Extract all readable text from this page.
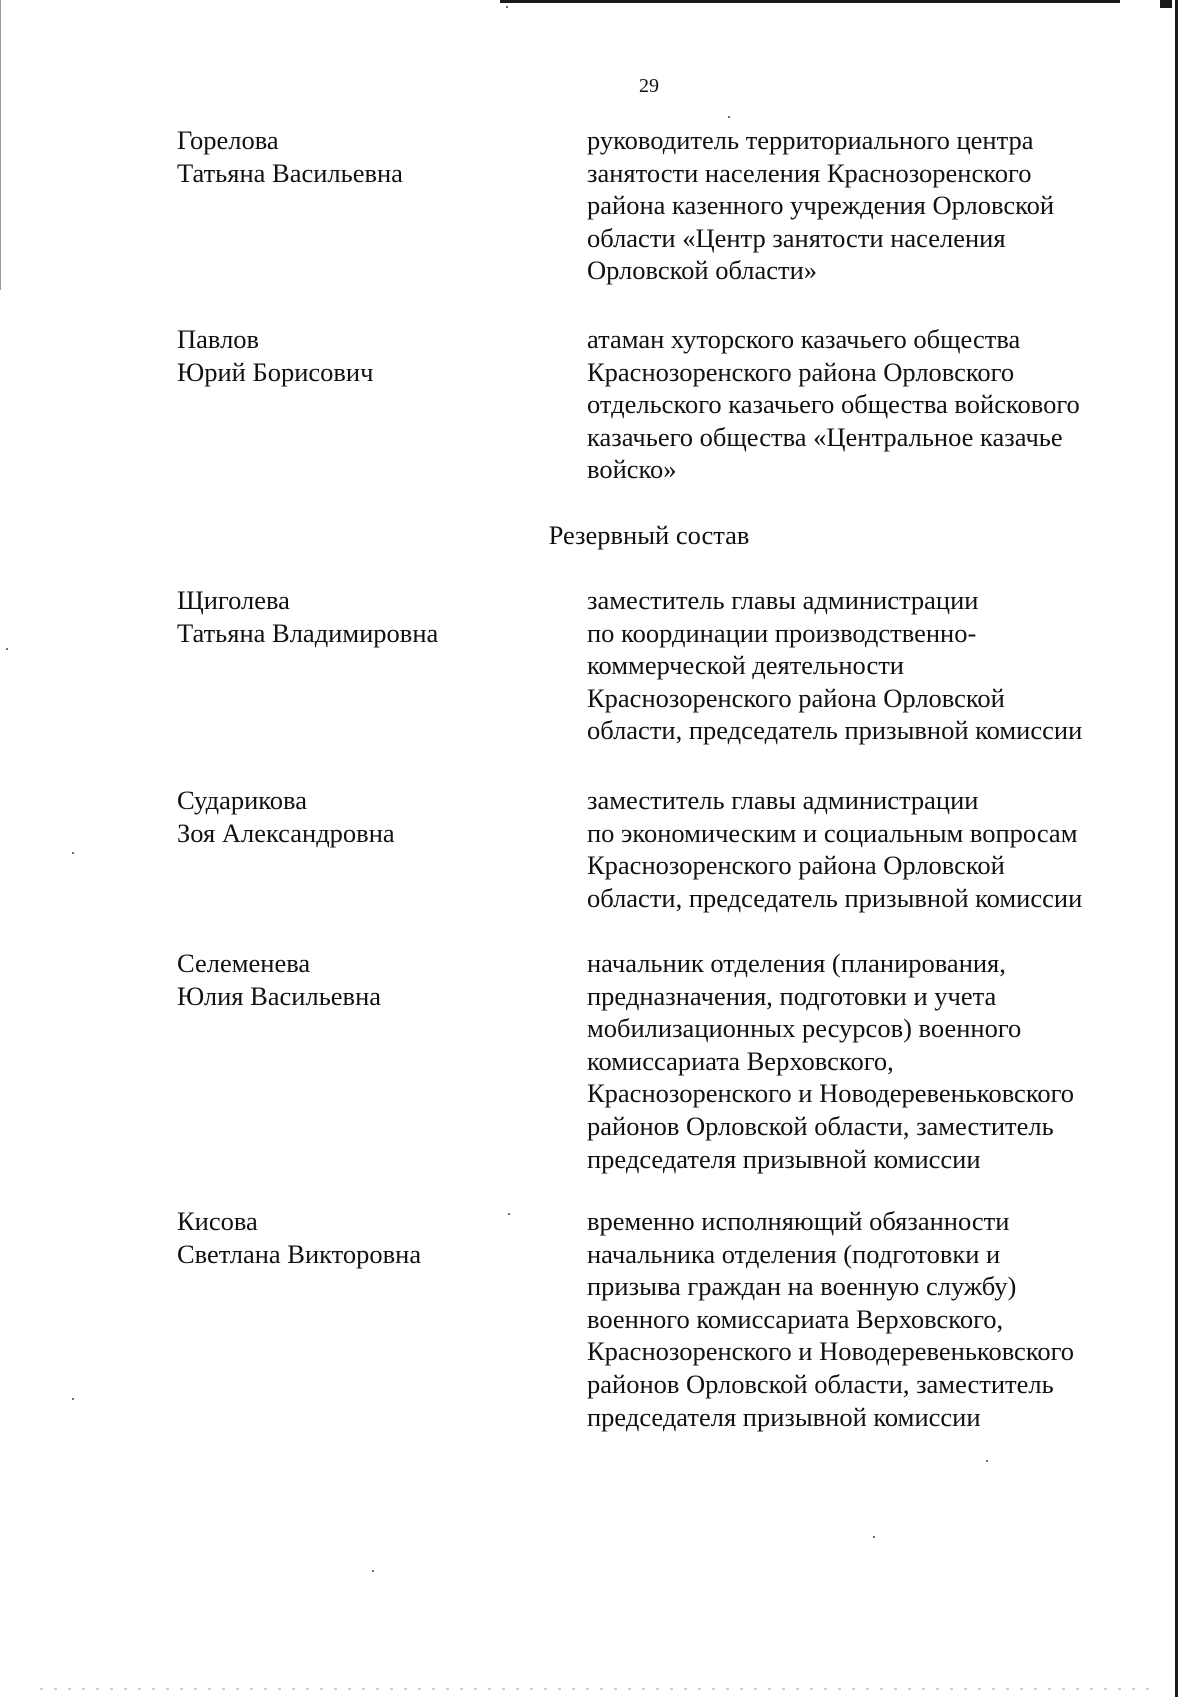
29
Горелова
Татьяна Васильевна
руководитель территориального центра
занятости населения Краснозоренского
района казенного учреждения Орловской
области «Центр занятости населения
Орловской области»
Павлов
Юрий Борисович
атаман хуторского казачьего общества
Краснозоренского района Орловского
отдельского казачьего общества войскового
казачьего общества «Центральное казачье
войско»
Резервный состав
Щиголева
Татьяна Владимировна
заместитель главы администрации
по координации производственно-
коммерческой деятельности
Краснозоренского района Орловской
области, председатель призывной комиссии
Сударикова
Зоя Александровна
заместитель главы администрации
по экономическим и социальным вопросам
Краснозоренского района Орловской
области, председатель призывной комиссии
Селеменева
Юлия Васильевна
начальник отделения (планирования,
предназначения, подготовки и учета
мобилизационных ресурсов) военного
комиссариата Верховского,
Краснозоренского и Новодеревеньковского
районов Орловской области, заместитель
председателя призывной комиссии
Кисова
Светлана Викторовна
временно исполняющий обязанности
начальника отделения (подготовки и
призыва граждан на военную службу)
военного комиссариата Верховского,
Краснозоренского и Новодеревеньковского
районов Орловской области, заместитель
председателя призывной комиссии
